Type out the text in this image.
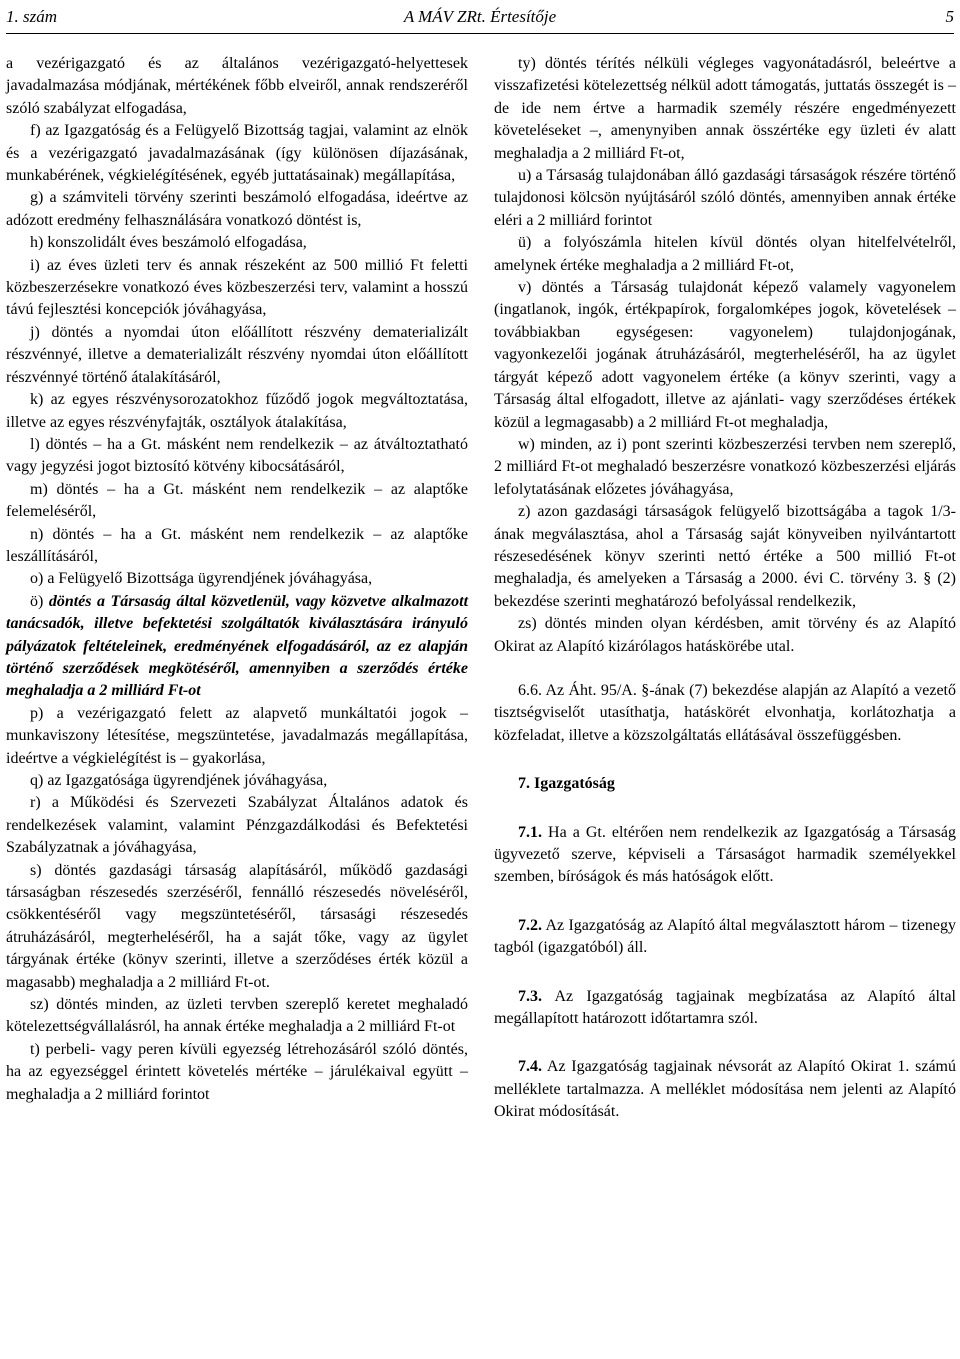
1. szám	A MÁV ZRt. Értesítője	5

a vezérigazgató és az általános vezérigazgató-helyettesek javadalmazása módjának, mértékének főbb elveiről, annak rendszeréről szóló szabályzat elfogadása,

f) az Igazgatóság és a Felügyelő Bizottság tagjai, valamint az elnök és a vezérigazgató javadalmazásának (így különösen díjazásának, munkabérének, végkielégítésének, egyéb juttatásainak) megállapítása,

g) a számviteli törvény szerinti beszámoló elfogadása, ideértve az adózott eredmény felhasználására vonatkozó döntést is,

h) konszolidált éves beszámoló elfogadása,

i) az éves üzleti terv és annak részeként az 500 millió Ft feletti közbeszerzésekre vonatkozó éves közbeszerzési terv, valamint a hosszú távú fejlesztési koncepciók jóváhagyása,

j) döntés a nyomdai úton előállított részvény dematerializált részvénnyé, illetve a dematerializált részvény nyomdai úton előállított részvénnyé történő átalakításáról,

k) az egyes részvénysorozatokhoz fűződő jogok megváltoztatása, illetve az egyes részvényfajták, osztályok átalakítása,

l) döntés – ha a Gt. másként nem rendelkezik – az átváltoztatható vagy jegyzési jogot biztosító kötvény kibocsátásáról,

m) döntés – ha a Gt. másként nem rendelkezik – az alaptőke felemeléséről,

n) döntés – ha a Gt. másként nem rendelkezik – az alaptőke leszállításáról,

o) a Felügyelő Bizottsága ügyrendjének jóváhagyása,

ö) döntés a Társaság által közvetlenül, vagy közvetve alkalmazott tanácsadók, illetve befektetési szolgáltatók kiválasztására irányuló pályázatok feltételeinek, eredményének elfogadásáról, az ez alapján történő szerződések megkötéséről, amennyiben a szerződés értéke meghaladja a 2 milliárd Ft-ot

p) a vezérigazgató felett az alapvető munkáltatói jogok – munkaviszony létesítése, megszüntetése, javadalmazás megállapítása, ideértve a végkielégítést is – gyakorlása,

q) az Igazgatósága ügyrendjének jóváhagyása,

r) a Működési és Szervezeti Szabályzat Általános adatok és rendelkezések valamint, valamint Pénzgazdálkodási és Befektetési Szabályzatnak a jóváhagyása,

s) döntés gazdasági társaság alapításáról, működő gazdasági társaságban részesedés szerzéséről, fennálló részesedés növeléséről, csökkentéséről vagy megszüntetéséről, társasági részesedés átruházásáról, megterheléséről, ha a saját tőke, vagy az ügylet tárgyának értéke (könyv szerinti, illetve a szerződéses érték közül a magasabb) meghaladja a 2 milliárd Ft-ot.

sz) döntés minden, az üzleti tervben szereplő keretet meghaladó kötelezettségvállalásról, ha annak értéke meghaladja a 2 milliárd Ft-ot

t) perbeli- vagy peren kívüli egyezség létrehozásáról szóló döntés, ha az egyezséggel érintett követelés mértéke – járulékaival együtt – meghaladja a 2 milliárd forintot

ty) döntés térítés nélküli végleges vagyonátadásról, beleértve a visszafizetési kötelezettség nélkül adott támogatás, juttatás összegét is – de ide nem értve a harmadik személy részére engedményezett követeléseket –, amenynyiben annak összértéke egy üzleti év alatt meghaladja a 2 milliárd Ft-ot,

u) a Társaság tulajdonában álló gazdasági társaságok részére történő tulajdonosi kölcsön nyújtásáról szóló döntés, amennyiben annak értéke eléri a 2 milliárd forintot

ü) a folyószámla hitelen kívül döntés olyan hitelfelvételről, amelynek értéke meghaladja a 2 milliárd Ft-ot,

v) döntés a Társaság tulajdonát képező valamely vagyonelem (ingatlanok, ingók, értékpapírok, forgalomképes jogok, követelések – továbbiakban egységesen: vagyonelem) tulajdonjogának, vagyonkezelői jogának átruházásáról, megterheléséről, ha az ügylet tárgyát képező adott vagyonelem értéke (a könyv szerinti, vagy a Társaság által elfogadott, illetve az ajánlati- vagy szerződéses értékek közül a legmagasabb) a 2 milliárd Ft-ot meghaladja,

w) minden, az i) pont szerinti közbeszerzési tervben nem szereplő, 2 milliárd Ft-ot meghaladó beszerzésre vonatkozó közbeszerzési eljárás lefolytatásának előzetes jóváhagyása,

z) azon gazdasági társaságok felügyelő bizottságába a tagok 1/3-ának megválasztása, ahol a Társaság saját könyveiben nyilvántartott részesedésének könyv szerinti nettó értéke a 500 millió Ft-ot meghaladja, és amelyeken a Társaság a 2000. évi C. törvény 3. § (2) bekezdése szerinti meghatározó befolyással rendelkezik,

zs) döntés minden olyan kérdésben, amit törvény és az Alapító Okirat az Alapító kizárólagos hatáskörébe utal.

6.6. Az Áht. 95/A. §-ának (7) bekezdése alapján az Alapító a vezető tisztségviselőt utasíthatja, hatáskörét elvonhatja, korlátozhatja a közfeladat, illetve a közszolgáltatás ellátásával összefüggésben.

7. Igazgatóság

7.1. Ha a Gt. eltérően nem rendelkezik az Igazgatóság a Társaság ügyvezető szerve, képviseli a Társaságot harmadik személyekkel szemben, bíróságok és más hatóságok előtt.

7.2. Az Igazgatóság az Alapító által megválasztott három – tizenegy tagból (igazgatóból) áll.

7.3. Az Igazgatóság tagjainak megbízatása az Alapító által megállapított határozott időtartamra szól.

7.4. Az Igazgatóság tagjainak névsorát az Alapító Okirat 1. számú melléklete tartalmazza. A melléklet módosítása nem jelenti az Alapító Okirat módosítását.
